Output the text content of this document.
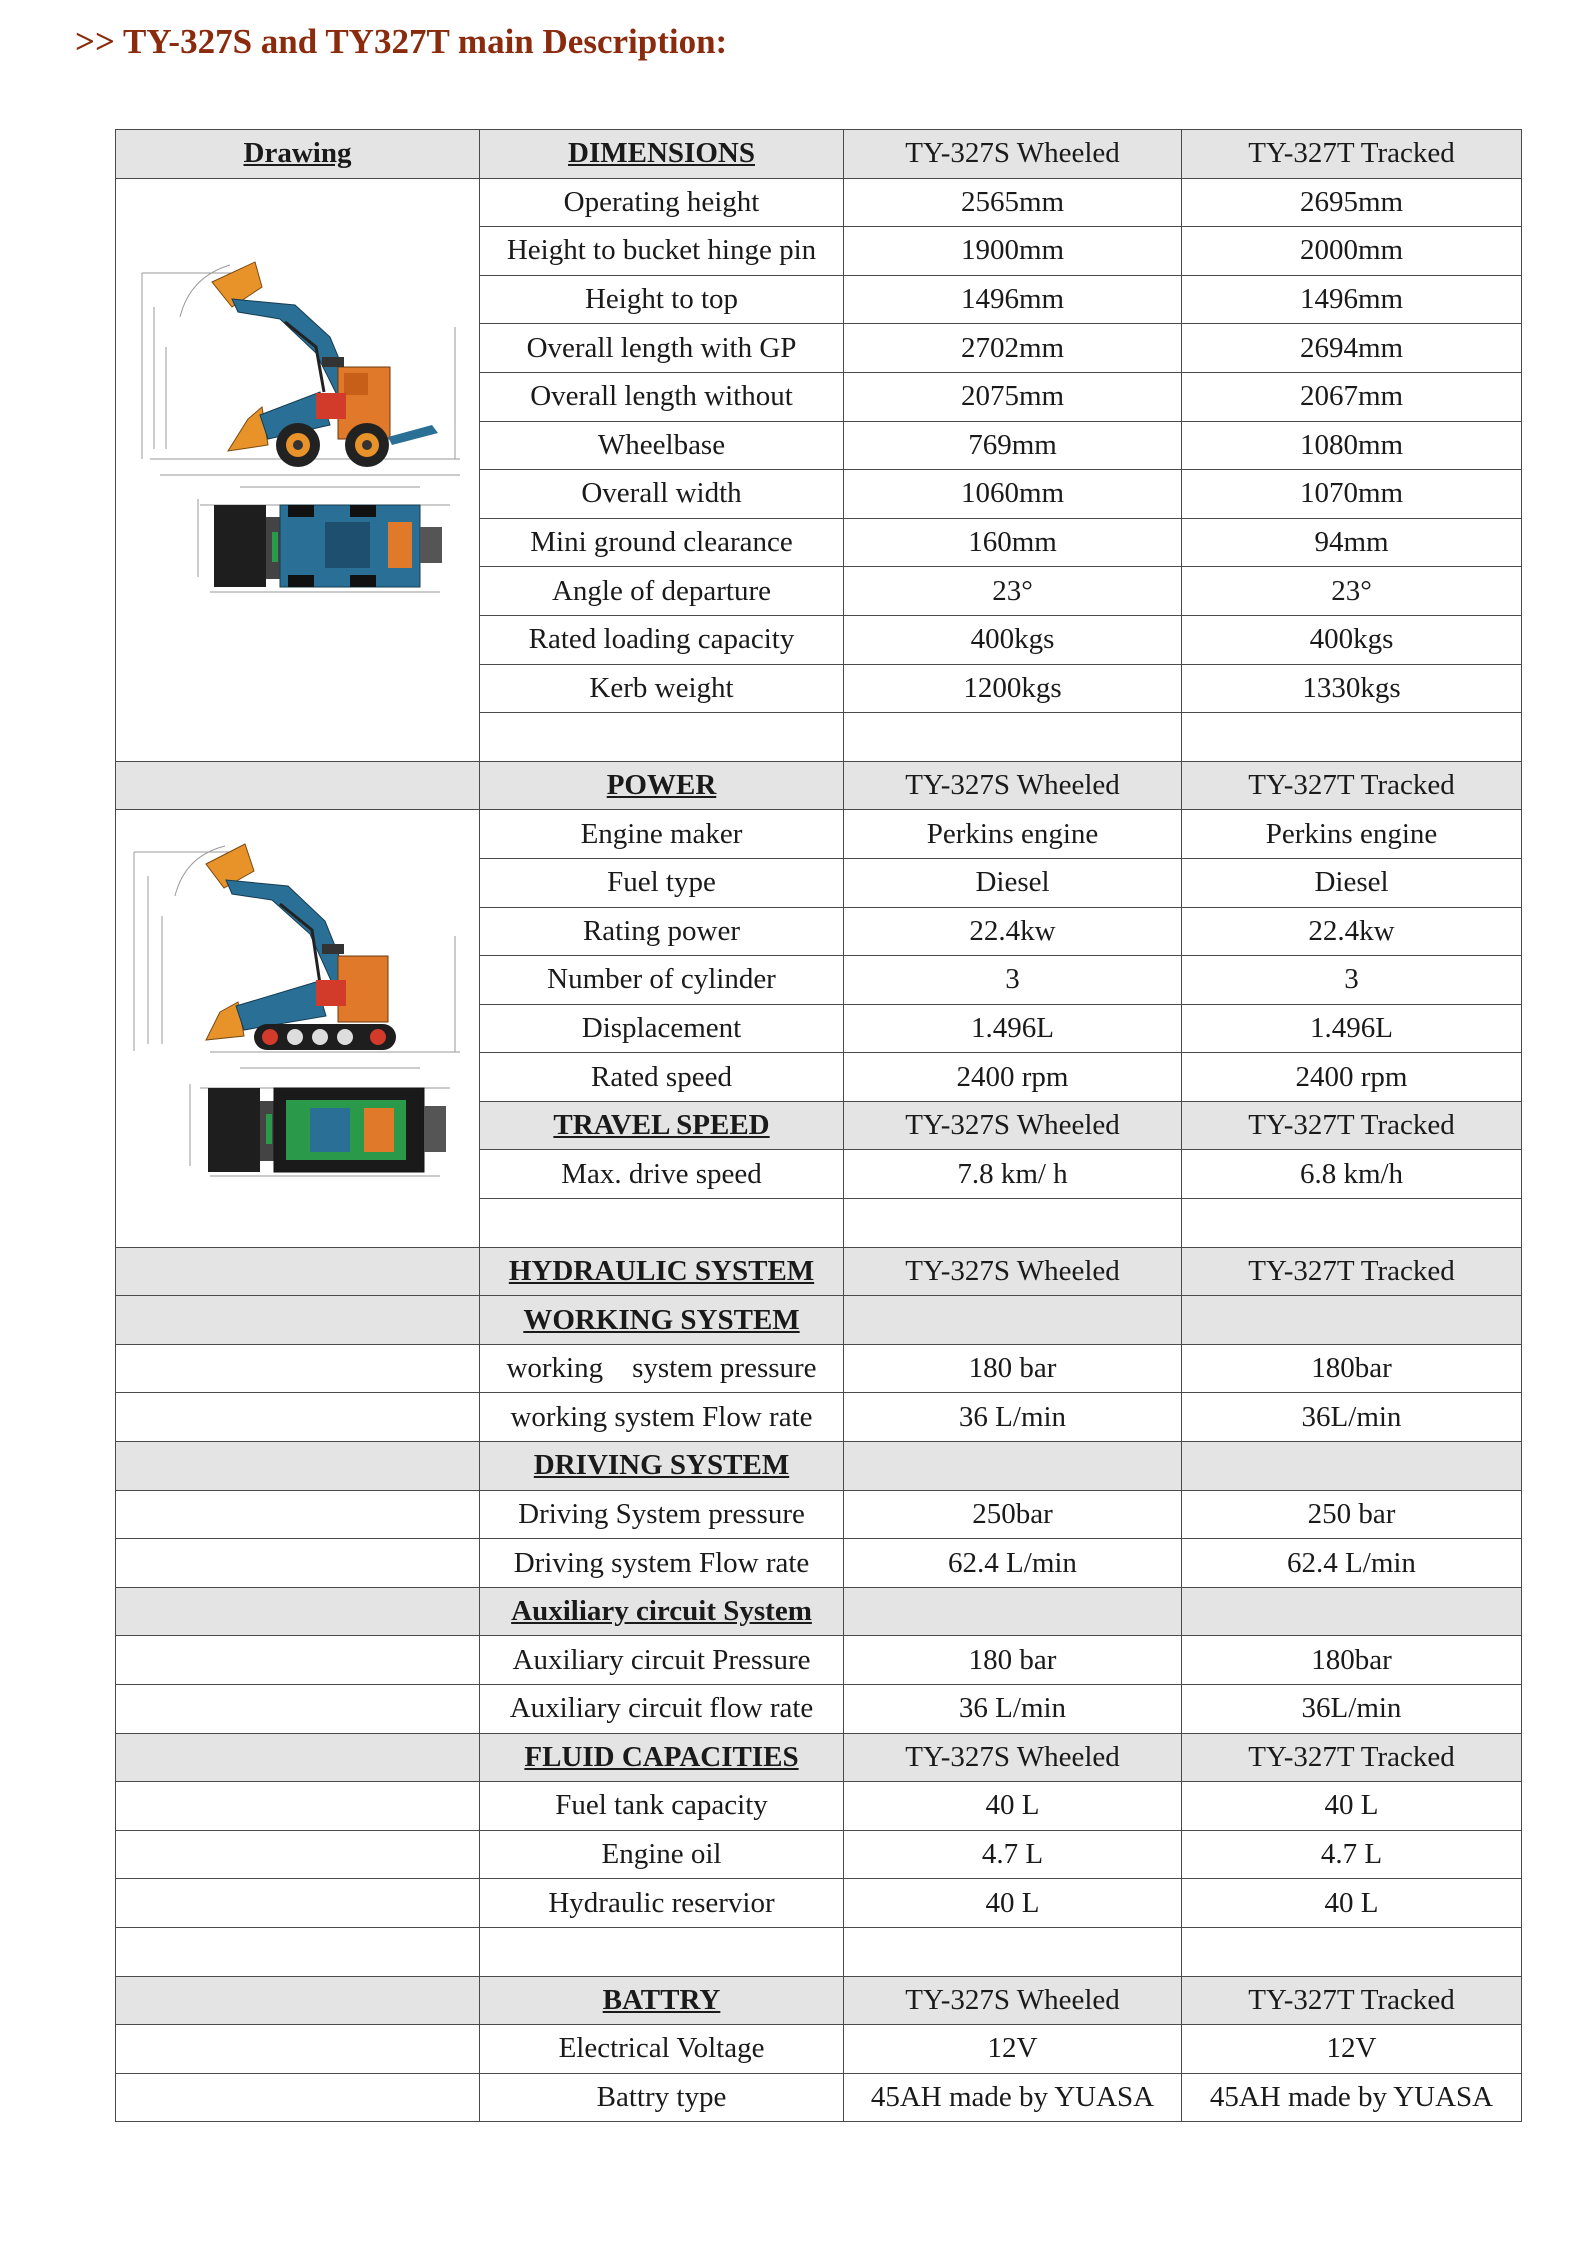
>> TY-327S and TY327T main Description:
Drawing	DIMENSIONS	TY-327S Wheeled	TY-327T Tracked

	Operating height	2565mm	2695mm
	Height to bucket hinge pin	1900mm	2000mm
	Height to top	1496mm	1496mm
	Overall length with GP	2702mm	2694mm
	Overall length without	2075mm	2067mm
	Wheelbase	769mm	1080mm
	Overall width	1060mm	1070mm
	Mini ground clearance	160mm	94mm
	Angle of departure	23°	23°
	Rated loading capacity	400kgs	400kgs
	Kerb weight	1200kgs	1330kgs

	POWER	TY-327S Wheeled	TY-327T Tracked

	Engine maker	Perkins engine	Perkins engine
	Fuel type	Diesel	Diesel
	Rating power	22.4kw	22.4kw
	Number of cylinder	3	3
	Displacement	1.496L	1.496L
	Rated speed	2400 rpm	2400 rpm
	TRAVEL SPEED	TY-327S Wheeled	TY-327T Tracked
	Max. drive speed	7.8 km/ h	6.8 km/h

	HYDRAULIC SYSTEM	TY-327S Wheeled	TY-327T Tracked
	WORKING SYSTEM		
	working    system pressure	180 bar	180bar
	working system Flow rate	36 L/min	36L/min
	DRIVING SYSTEM		
	Driving System pressure	250bar	250 bar
	Driving system Flow rate	62.4 L/min	62.4 L/min
	Auxiliary circuit System		
	Auxiliary circuit Pressure	180 bar	180bar
	Auxiliary circuit flow rate	36 L/min	36L/min
	FLUID CAPACITIES	TY-327S Wheeled	TY-327T Tracked
	Fuel tank capacity	40 L	40 L
	Engine oil	4.7 L	4.7 L
	Hydraulic reservior	40 L	40 L

	BATTRY	TY-327S Wheeled	TY-327T Tracked
	Electrical Voltage	12V	12V
	Battry type	45AH made by YUASA	45AH made by YUASA
